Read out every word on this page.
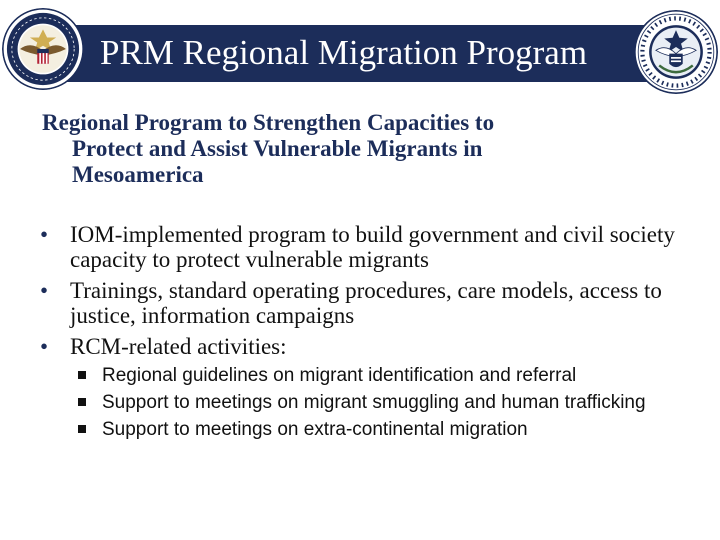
PRM Regional Migration Program
Regional Program to Strengthen Capacities to
Protect and Assist Vulnerable Migrants in
Mesoamerica
• IOM-implemented program to build government and civil society capacity to protect vulnerable migrants
• Trainings, standard operating procedures, care models, access to justice, information campaigns
• RCM-related activities:
Regional guidelines on migrant identification and referral
Support to meetings on migrant smuggling and human trafficking
Support to meetings on extra-continental migration
